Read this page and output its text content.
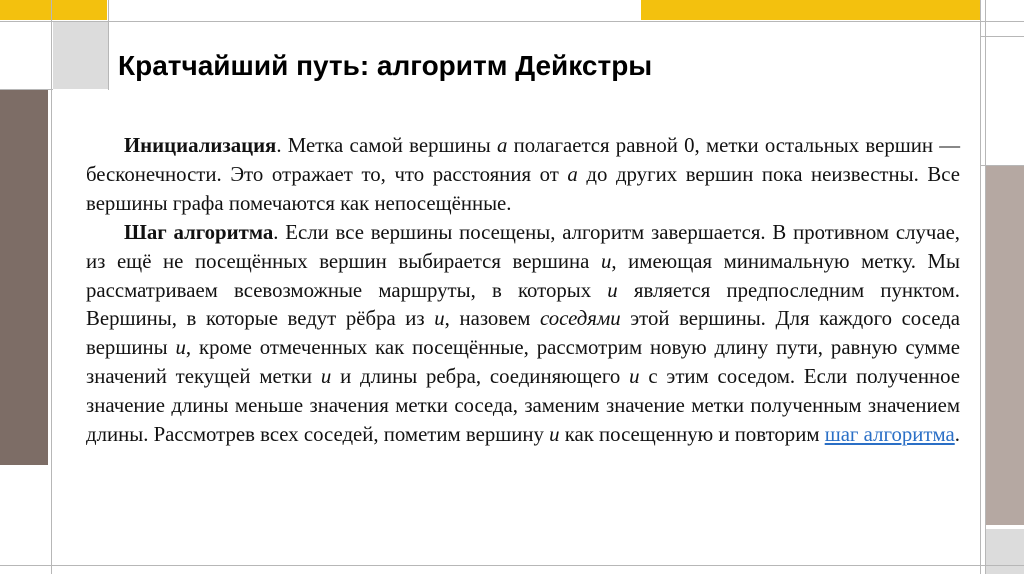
Кратчайший путь: алгоритм Дейкстры

Инициализация. Метка самой вершины a полагается равной 0, метки остальных вершин — бесконечности. Это отражает то, что расстояния от a до других вершин пока неизвестны. Все вершины графа помечаются как непосещённые.

Шаг алгоритма. Если все вершины посещены, алгоритм завершается. В противном случае, из ещё не посещённых вершин выбирается вершина u, имеющая минимальную метку. Мы рассматриваем всевозможные маршруты, в которых u является предпоследним пунктом. Вершины, в которые ведут рёбра из u, назовем соседями этой вершины. Для каждого соседа вершины u, кроме отмеченных как посещённые, рассмотрим новую длину пути, равную сумме значений текущей метки u и длины ребра, соединяющего u с этим соседом. Если полученное значение длины меньше значения метки соседа, заменим значение метки полученным значением длины. Рассмотрев всех соседей, пометим вершину u как посещенную и повторим шаг алгоритма.
